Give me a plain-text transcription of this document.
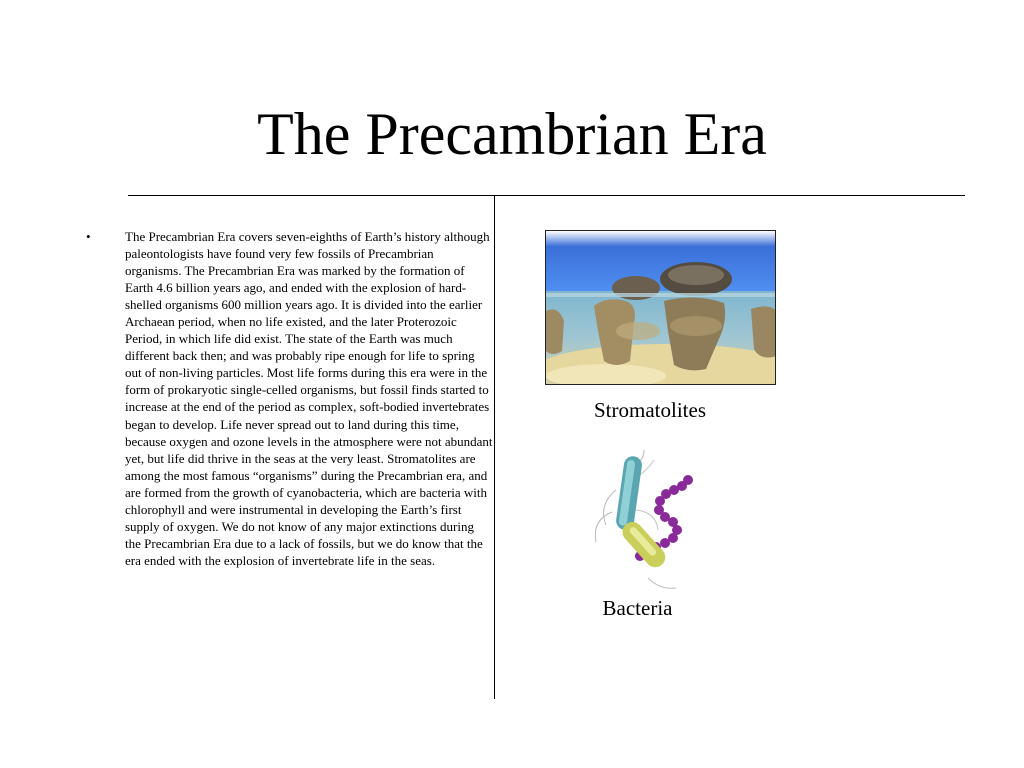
The Precambrian Era
•	The Precambrian Era covers seven-eighths of Earth’s history although paleontologists have found very few fossils of Precambrian organisms. The Precambrian Era was marked by the formation of Earth 4.6 billion years ago, and ended with the explosion of hard-shelled organisms 600 million years ago. It is divided into the earlier Archaean period, when no life existed, and the later Proterozoic Period, in which life did exist. The state of the Earth was much different back then; and was probably ripe enough for life to spring out of non-living particles. Most life forms during this era were in the form of prokaryotic single-celled organisms, but fossil finds started to increase at the end of the period as complex, soft-bodied invertebrates began to develop. Life never spread out to land during this time, because oxygen and ozone levels in the atmosphere were not abundant yet, but life did thrive in the seas at the very least. Stromatolites are among the most famous “organisms” during the Precambrian era, and are formed from the growth of cyanobacteria, which are bacteria with chlorophyll and were instrumental in developing the Earth’s first supply of oxygen. We do not know of any major extinctions during the Precambrian Era due to a lack of fossils, but we do know that the era ended with the explosion of invertebrate life in the seas.

Stromatolites
Bacteria
